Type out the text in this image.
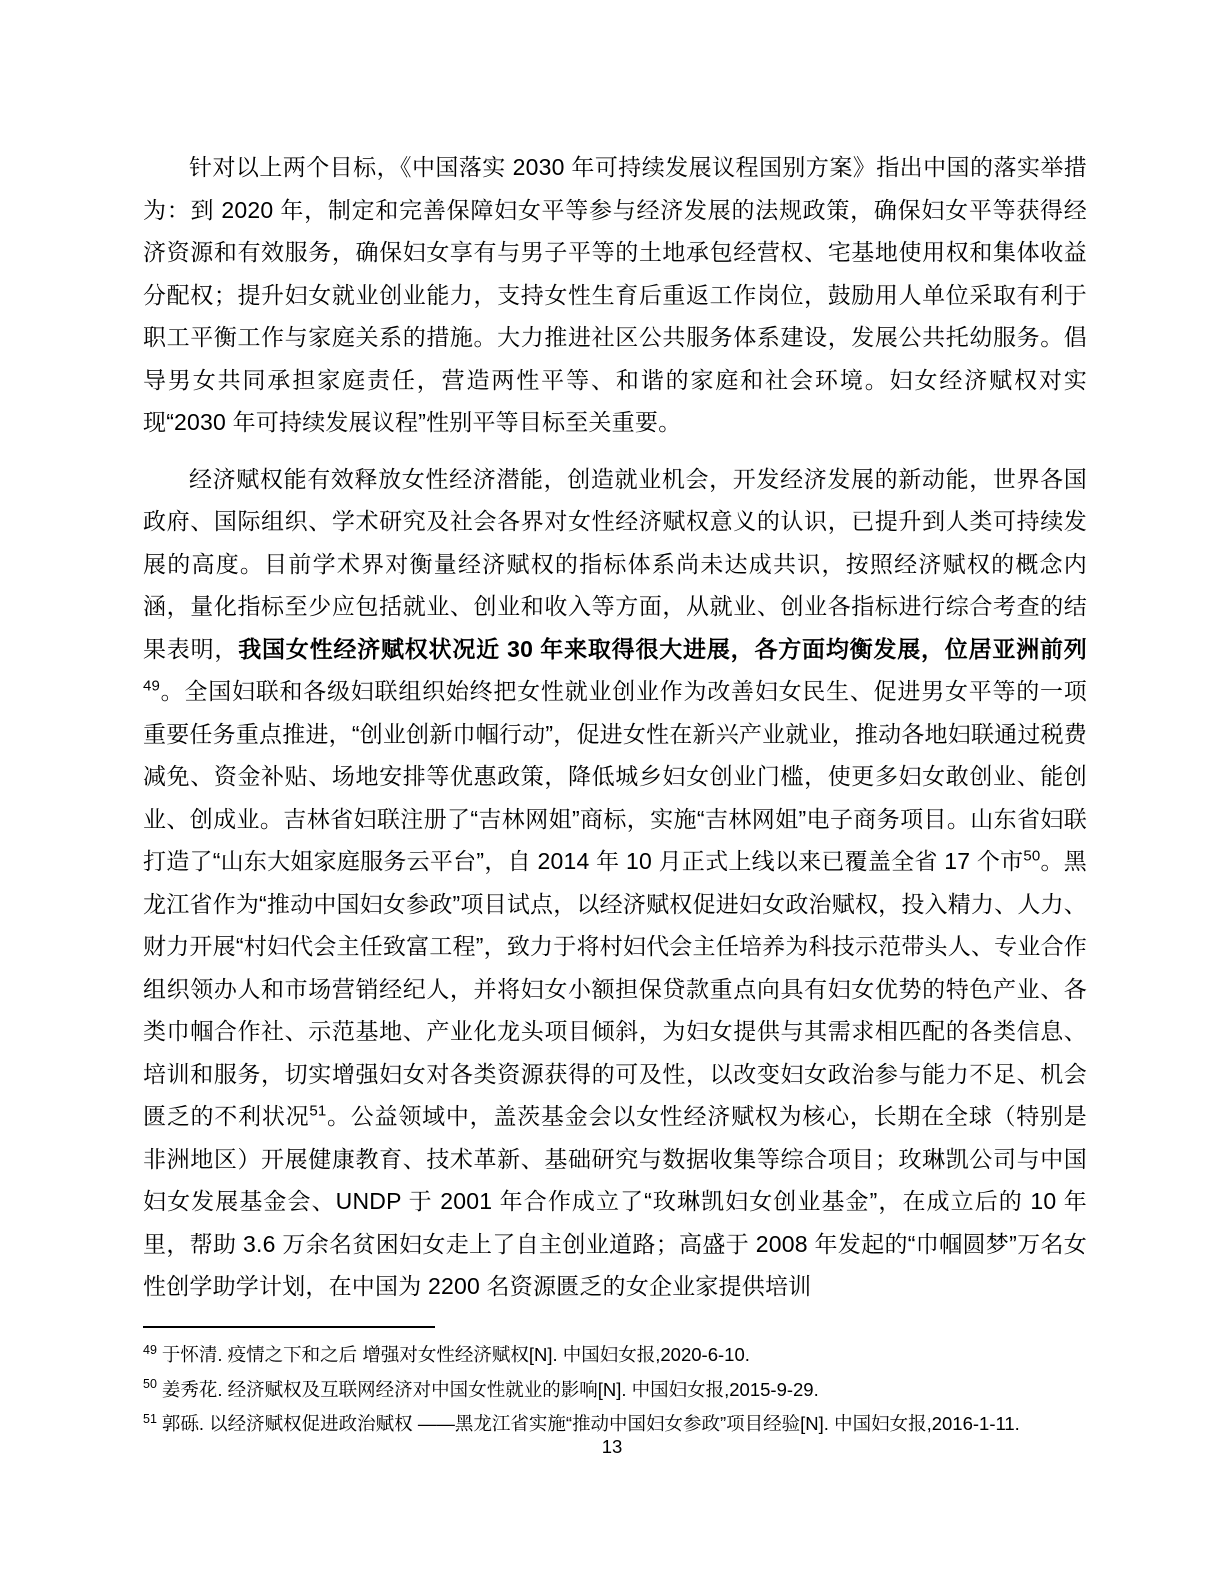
针对以上两个目标，《中国落实 2030 年可持续发展议程国别方案》指出中国的落实举措为：到 2020 年，制定和完善保障妇女平等参与经济发展的法规政策，确保妇女平等获得经济资源和有效服务，确保妇女享有与男子平等的土地承包经营权、宅基地使用权和集体收益分配权；提升妇女就业创业能力，支持女性生育后重返工作岗位，鼓励用人单位采取有利于职工平衡工作与家庭关系的措施。大力推进社区公共服务体系建设，发展公共托幼服务。倡导男女共同承担家庭责任，营造两性平等、和谐的家庭和社会环境。妇女经济赋权对实现“2030 年可持续发展议程”性别平等目标至关重要。

经济赋权能有效释放女性经济潜能，创造就业机会，开发经济发展的新动能，世界各国政府、国际组织、学术研究及社会各界对女性经济赋权意义的认识，已提升到人类可持续发展的高度。目前学术界对衡量经济赋权的指标体系尚未达成共识，按照经济赋权的概念内涵，量化指标至少应包括就业、创业和收入等方面，从就业、创业各指标进行综合考查的结果表明，我国女性经济赋权状况近 30 年来取得很大进展，各方面均衡发展，位居亚洲前列$^{49}$。全国妇联和各级妇联组织始终把女性就业创业作为改善妇女民生、促进男女平等的一项重要任务重点推进，“创业创新巾帼行动”，促进女性在新兴产业就业，推动各地妇联通过税费减免、资金补贴、场地安排等优惠政策，降低城乡妇女创业门槛，使更多妇女敢创业、能创业、创成业。吉林省妇联注册了“吉林网姐”商标，实施“吉林网姐”电子商务项目。山东省妇联打造了“山东大姐家庭服务云平台”，自 2014 年 10 月正式上线以来已覆盖全省 17 个市$^{50}$。黑龙江省作为“推动中国妇女参政”项目试点，以经济赋权促进妇女政治赋权，投入精力、人力、财力开展“村妇代会主任致富工程”，致力于将村妇代会主任培养为科技示范带头人、专业合作组织领办人和市场营销经纪人，并将妇女小额担保贷款重点向具有妇女优势的特色产业、各类巾帼合作社、示范基地、产业化龙头项目倾斜，为妇女提供与其需求相匹配的各类信息、培训和服务，切实增强妇女对各类资源获得的可及性，以改变妇女政治参与能力不足、机会匮乏的不利状况$^{51}$。公益领域中，盖茨基金会以女性经济赋权为核心，长期在全球（特别是非洲地区）开展健康教育、技术革新、基础研究与数据收集等综合项目；玫琳凯公司与中国妇女发展基金会、UNDP 于 2001 年合作成立了“玫琳凯妇女创业基金”，在成立后的 10 年里，帮助 3.6 万余名贫困妇女走上了自主创业道路；高盛于 2008 年发起的“巾帼圆梦”万名女性创学助学计划，在中国为 2200 名资源匮乏的女企业家提供培训

$^{49}$ 于怀清. 疫情之下和之后 增强对女性经济赋权[N]. 中国妇女报,2020-6-10.

$^{50}$ 姜秀花. 经济赋权及互联网经济对中国女性就业的影响[N]. 中国妇女报,2015-9-29.

$^{51}$ 郭砾. 以经济赋权促进政治赋权 ——黑龙江省实施“推动中国妇女参政”项目经验[N]. 中国妇女报,2016-1-11.

13
